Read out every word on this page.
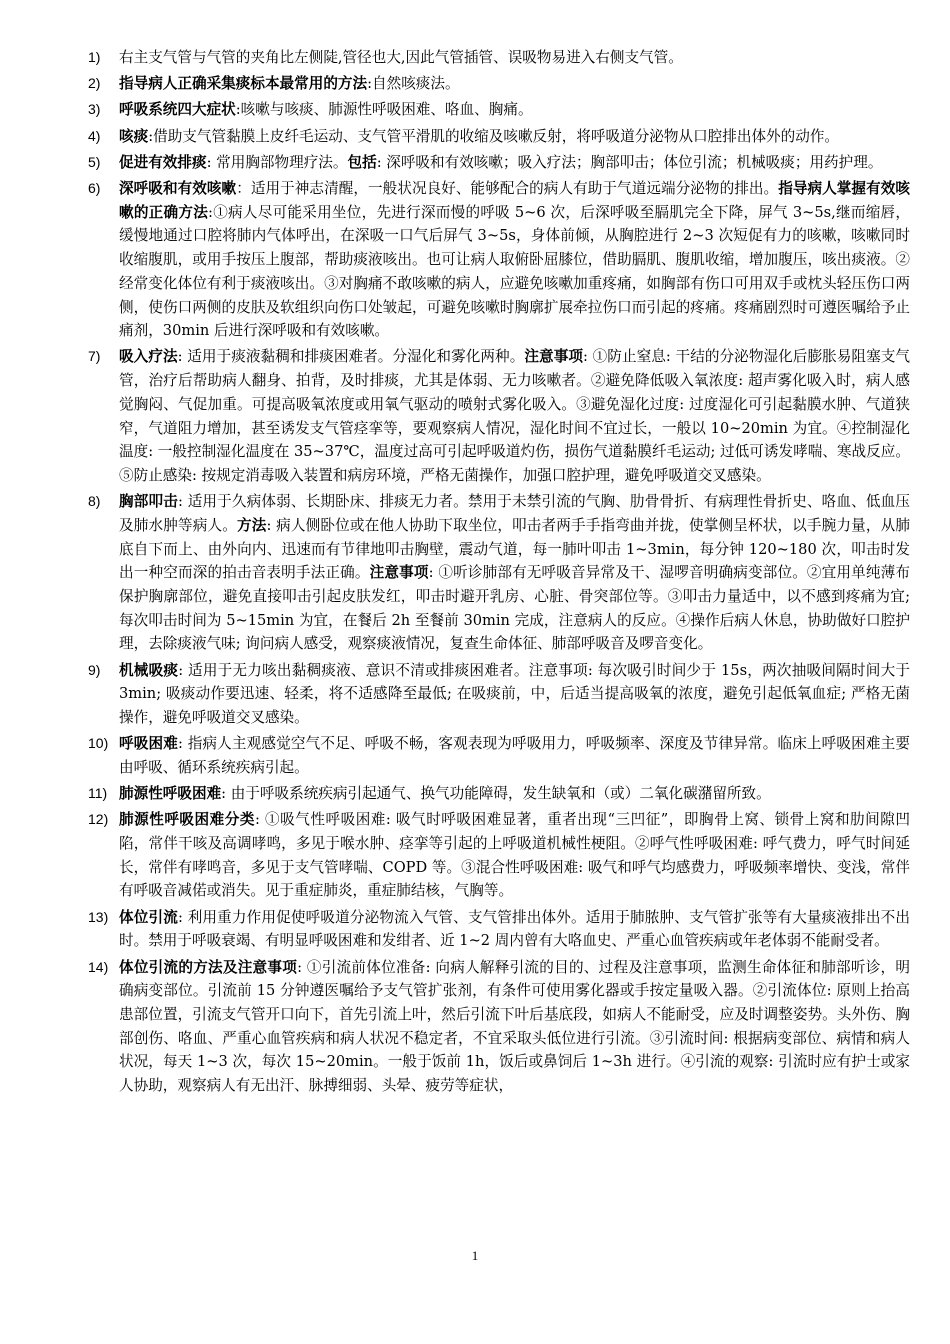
1)	右主支气管与气管的夹角比左侧陡,管径也大,因此气管插管、误吸物易进入右侧支气管。
2)	指导病人正确采集痰标本最常用的方法:自然咳痰法。
3)	呼吸系统四大症状:咳嗽与咳痰、肺源性呼吸困难、咯血、胸痛。
4)	咳痰:借助支气管黏膜上皮纤毛运动、支气管平滑肌的收缩及咳嗽反射，将呼吸道分泌物从口腔排出体外的动作。
5)	促进有效排痰: 常用胸部物理疗法。包括: 深呼吸和有效咳嗽；吸入疗法；胸部叩击；体位引流；机械吸痰；用药护理。
6)	深呼吸和有效咳嗽：适用于神志清醒，一般状况良好、能够配合的病人有助于气道远端分泌物的排出。指导病人掌握有效咳嗽的正确方法:①病人尽可能采用坐位，先进行深而慢的呼吸 5~6 次，后深呼吸至膈肌完全下降，屏气 3~5s,继而缩唇，缓慢地通过口腔将肺内气体呼出，在深吸一口气后屏气 3~5s，身体前倾，从胸腔进行 2~3 次短促有力的咳嗽，咳嗽同时收缩腹肌，或用手按压上腹部，帮助痰液咳出。也可让病人取俯卧屈膝位，借助膈肌、腹肌收缩，增加腹压，咳出痰液。②经常变化体位有利于痰液咳出。③对胸痛不敢咳嗽的病人，应避免咳嗽加重疼痛，如胸部有伤口可用双手或枕头轻压伤口两侧，使伤口两侧的皮肤及软组织向伤口处皱起，可避免咳嗽时胸廓扩展牵拉伤口而引起的疼痛。疼痛剧烈时可遵医嘱给予止痛剂，30min 后进行深呼吸和有效咳嗽。
7)	吸入疗法: 适用于痰液黏稠和排痰困难者。分湿化和雾化两种。注意事项: ①防止窒息: 干结的分泌物湿化后膨胀易阻塞支气管，治疗后帮助病人翻身、拍背，及时排痰，尤其是体弱、无力咳嗽者。②避免降低吸入氧浓度: 超声雾化吸入时，病人感觉胸闷、气促加重。可提高吸氧浓度或用氧气驱动的喷射式雾化吸入。③避免湿化过度: 过度湿化可引起黏膜水肿、气道狭窄，气道阻力增加，甚至诱发支气管痉挛等，要观察病人情况，湿化时间不宜过长，一般以 10~20min 为宜。④控制湿化温度: 一般控制湿化温度在 35~37℃，温度过高可引起呼吸道灼伤，损伤气道黏膜纤毛运动; 过低可诱发哮喘、寒战反应。⑤防止感染: 按规定消毒吸入装置和病房环境，严格无菌操作，加强口腔护理，避免呼吸道交叉感染。
8)	胸部叩击: 适用于久病体弱、长期卧床、排痰无力者。禁用于未禁引流的气胸、肋骨骨折、有病理性骨折史、咯血、低血压及肺水肿等病人。方法: 病人侧卧位或在他人协助下取坐位，叩击者两手手指弯曲并拢，使掌侧呈杯状，以手腕力量，从肺底自下而上、由外向内、迅速而有节律地叩击胸壁，震动气道，每一肺叶叩击 1~3min，每分钟 120~180 次，叩击时发出一种空而深的拍击音表明手法正确。注意事项: ①听诊肺部有无呼吸音异常及干、湿啰音明确病变部位。②宜用单纯薄布保护胸廓部位，避免直接叩击引起皮肤发红，叩击时避开乳房、心脏、骨突部位等。③叩击力量适中，以不感到疼痛为宜; 每次叩击时间为 5~15min 为宜，在餐后 2h 至餐前 30min 完成，注意病人的反应。④操作后病人休息，协助做好口腔护理，去除痰液气味; 询问病人感受，观察痰液情况，复查生命体征、肺部呼吸音及啰音变化。
9)	机械吸痰: 适用于无力咳出黏稠痰液、意识不清或排痰困难者。注意事项: 每次吸引时间少于 15s，两次抽吸间隔时间大于 3min; 吸痰动作要迅速、轻柔，将不适感降至最低; 在吸痰前，中，后适当提高吸氧的浓度，避免引起低氧血症; 严格无菌操作，避免呼吸道交叉感染。
10) 呼吸困难: 指病人主观感觉空气不足、呼吸不畅，客观表现为呼吸用力，呼吸频率、深度及节律异常。临床上呼吸困难主要由呼吸、循环系统疾病引起。
11) 肺源性呼吸困难: 由于呼吸系统疾病引起通气、换气功能障碍，发生缺氧和（或）二氧化碳潴留所致。
12) 肺源性呼吸困难分类: ①吸气性呼吸困难: 吸气时呼吸困难显著，重者出现“三凹征”，即胸骨上窝、锁骨上窝和肋间隙凹陷，常伴干咳及高调哮鸣，多见于喉水肿、痉挛等引起的上呼吸道机械性梗阻。②呼气性呼吸困难: 呼气费力，呼气时间延长，常伴有哮鸣音，多见于支气管哮喘、COPD 等。③混合性呼吸困难: 吸气和呼气均感费力，呼吸频率增快、变浅，常伴有呼吸音减偌或消失。见于重症肺炎，重症肺结核，气胸等。
13) 体位引流: 利用重力作用促使呼吸道分泌物流入气管、支气管排出体外。适用于肺脓肿、支气管扩张等有大量痰液排出不出时。禁用于呼吸衰竭、有明显呼吸困难和发绀者、近 1~2 周内曾有大咯血史、严重心血管疾病或年老体弱不能耐受者。
14) 体位引流的方法及注意事项: ①引流前体位准备: 向病人解释引流的目的、过程及注意事项，监测生命体征和肺部听诊，明确病变部位。引流前 15 分钟遵医嘱给予支气管扩张剂，有条件可使用雾化器或手按定量吸入器。②引流体位: 原则上抬高患部位置，引流支气管开口向下，首先引流上叶，然后引流下叶后基底段，如病人不能耐受，应及时调整姿势。头外伤、胸部创伤、咯血、严重心血管疾病和病人状况不稳定者，不宜采取头低位进行引流。③引流时间: 根据病变部位、病情和病人状况，每天 1~3 次，每次 15~20min。一般于饭前 1h，饭后或鼻饲后 1~3h 进行。④引流的观察: 引流时应有护士或家人协助，观察病人有无出汗、脉搏细弱、头晕、疲劳等症状，
1
